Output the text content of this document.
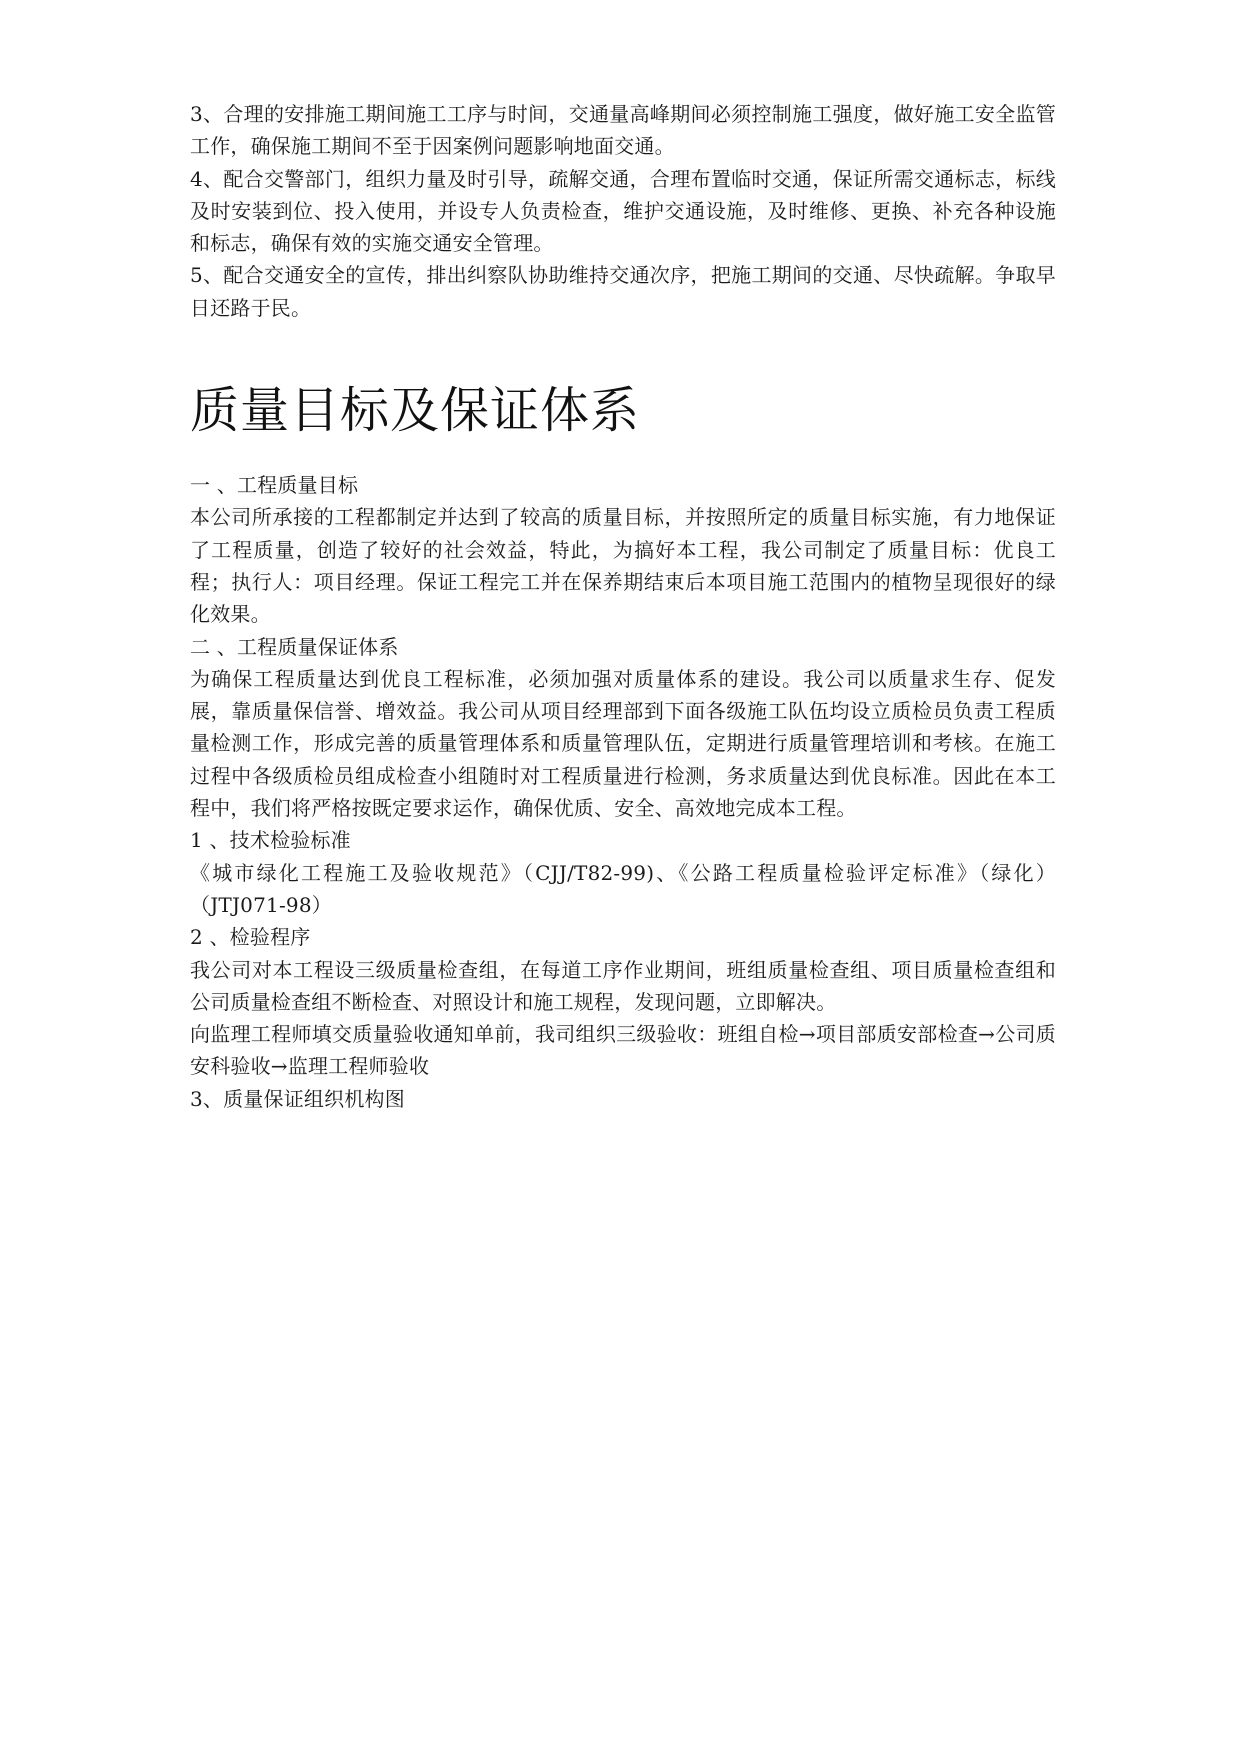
3、合理的安排施工期间施工工序与时间，交通量高峰期间必须控制施工强度，做好施工安全监管工作，确保施工期间不至于因案例问题影响地面交通。

4、配合交警部门，组织力量及时引导，疏解交通，合理布置临时交通，保证所需交通标志，标线及时安装到位、投入使用，并设专人负责检查，维护交通设施，及时维修、更换、补充各种设施和标志，确保有效的实施交通安全管理。

5、配合交通安全的宣传，排出纠察队协助维持交通次序，把施工期间的交通、尽快疏解。争取早日还路于民。

质量目标及保证体系

一 、工程质量目标

本公司所承接的工程都制定并达到了较高的质量目标，并按照所定的质量目标实施，有力地保证了工程质量，创造了较好的社会效益，特此，为搞好本工程，我公司制定了质量目标：优良工程；执行人：项目经理。保证工程完工并在保养期结束后本项目施工范围内的植物呈现很好的绿化效果。

二 、工程质量保证体系

为确保工程质量达到优良工程标准，必须加强对质量体系的建设。我公司以质量求生存、促发展，靠质量保信誉、增效益。我公司从项目经理部到下面各级施工队伍均设立质检员负责工程质量检测工作，形成完善的质量管理体系和质量管理队伍，定期进行质量管理培训和考核。在施工过程中各级质检员组成检查小组随时对工程质量进行检测，务求质量达到优良标准。因此在本工程中，我们将严格按既定要求运作，确保优质、安全、高效地完成本工程。

1 、技术检验标准

《城市绿化工程施工及验收规范》（CJJ/T82-99)、《公路工程质量检验评定标准》（绿化）（JTJ071-98）

2 、检验程序

我公司对本工程设三级质量检查组，在每道工序作业期间，班组质量检查组、项目质量检查组和公司质量检查组不断检查、对照设计和施工规程，发现问题，立即解决。

向监理工程师填交质量验收通知单前，我司组织三级验收：班组自检→项目部质安部检查→公司质安科验收→监理工程师验收

3、质量保证组织机构图
